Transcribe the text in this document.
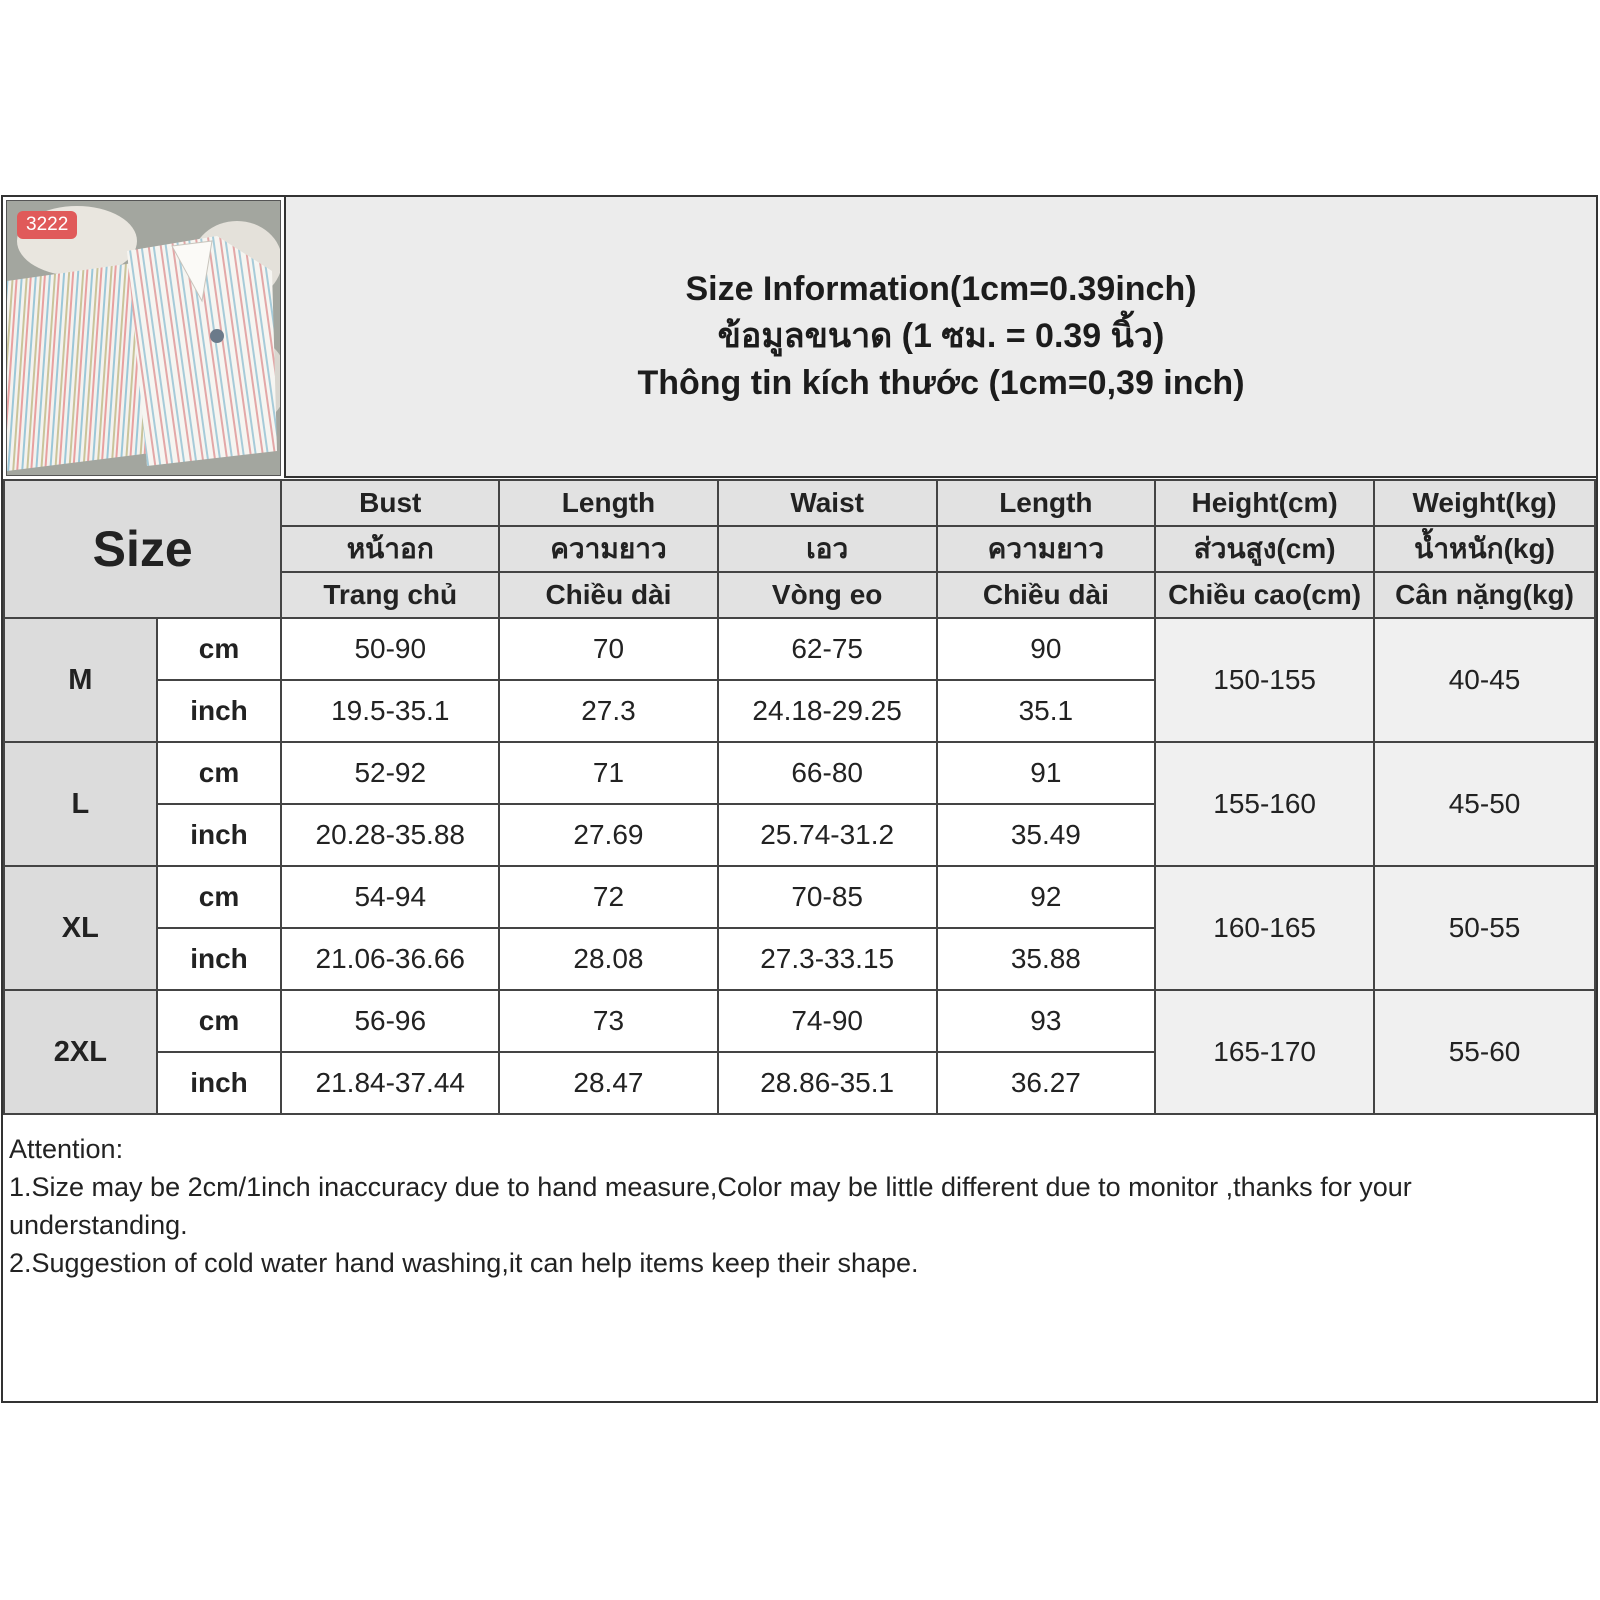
3222
Size Information(1cm=0.39inch)
ข้อมูลขนาด (1 ซม. = 0.39 นิ้ว)
Thông tin kích thước (1cm=0,39 inch)
Size		Bust	Length	Waist	Length	Height(cm)	Weight(kg)
		หน้าอก	ความยาว	เอว	ความยาว	ส่วนสูง(cm)	น้ำหนัก(kg)
		Trang chủ	Chiều dài	Vòng eo	Chiều dài	Chiều cao(cm)	Cân nặng(kg)
M	cm	50-90	70	62-75	90	150-155	40-45
	inch	19.5-35.1	27.3	24.18-29.25	35.1		
L	cm	52-92	71	66-80	91	155-160	45-50
	inch	20.28-35.88	27.69	25.74-31.2	35.49		
XL	cm	54-94	72	70-85	92	160-165	50-55
	inch	21.06-36.66	28.08	27.3-33.15	35.88		
2XL	cm	56-96	73	74-90	93	165-170	55-60
	inch	21.84-37.44	28.47	28.86-35.1	36.27		
Attention:
1.Size may be 2cm/1inch inaccuracy due to hand measure,Color may be little different due to monitor ,thanks for your understanding.
2.Suggestion of cold water hand washing,it can help items keep their shape.
